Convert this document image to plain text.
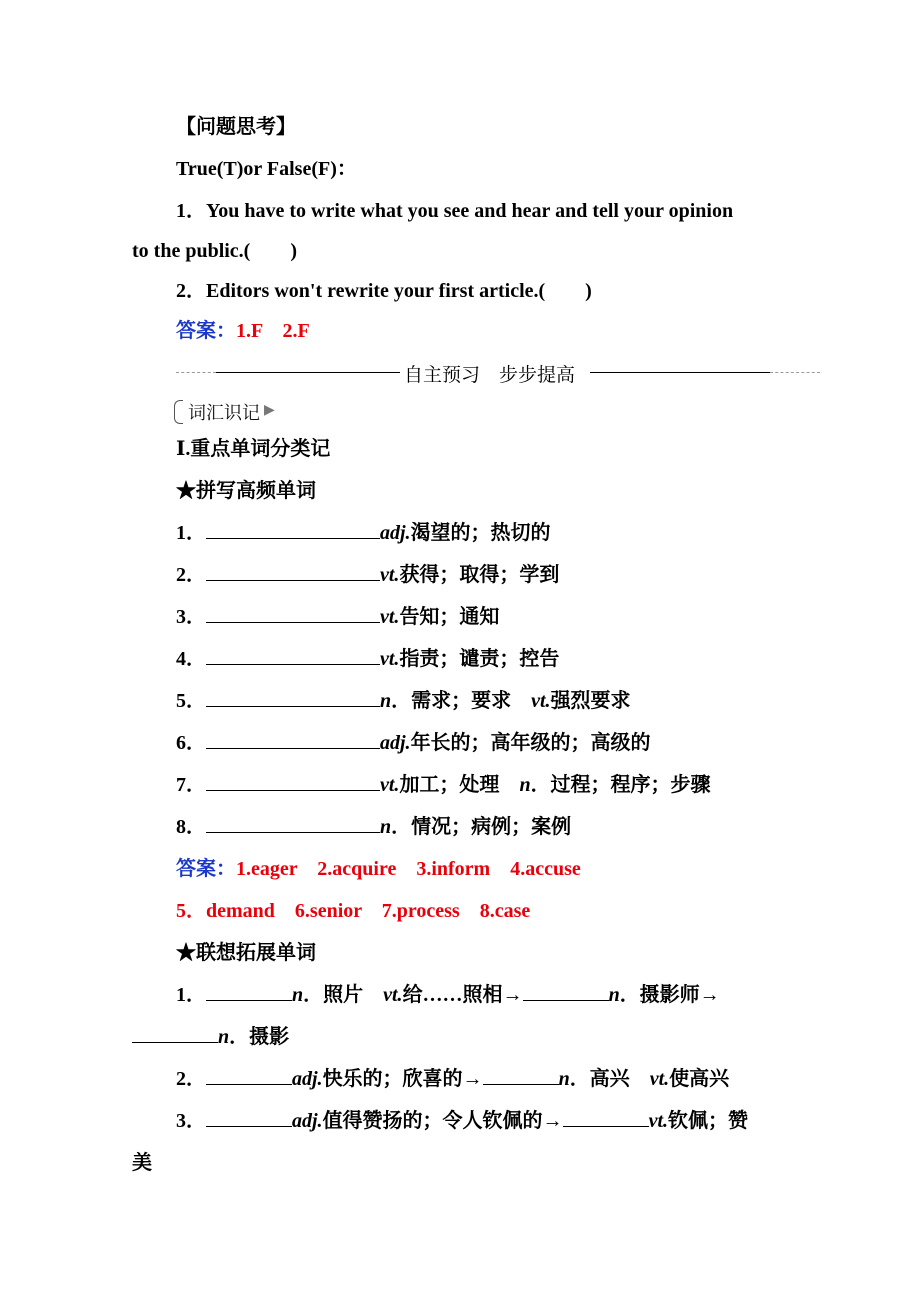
【问题思考】
True(T)or False(F)：
1．You have to write what you see and hear and tell your opinion
to the public.(　　)
2．Editors won't rewrite your first article.(　　)
答案：1.F　2.F
自主预习　步步提高
词汇识记 ▶
Ⅰ.重点单词分类记
★拼写高频单词
1．	adj.渴望的；热切的
2．	vt.获得；取得；学到
3．	vt.告知；通知
4．	vt.指责；谴责；控告
5．	n．需求；要求　vt.强烈要求
6．	adj.年长的；高年级的；高级的
7．	vt.加工；处理　n．过程；程序；步骤
8．	n．情况；病例；案例
答案：1.eager　2.acquire　3.inform　4.accuse
5．demand　6.senior　7.process　8.case
★联想拓展单词
1．	n．照片　vt.给……照相→	n．摄影师→
n．摄影
2．	adj.快乐的；欣喜的→	n．高兴　vt.使高兴
3．	adj.值得赞扬的；令人钦佩的→	vt.钦佩；赞
美
